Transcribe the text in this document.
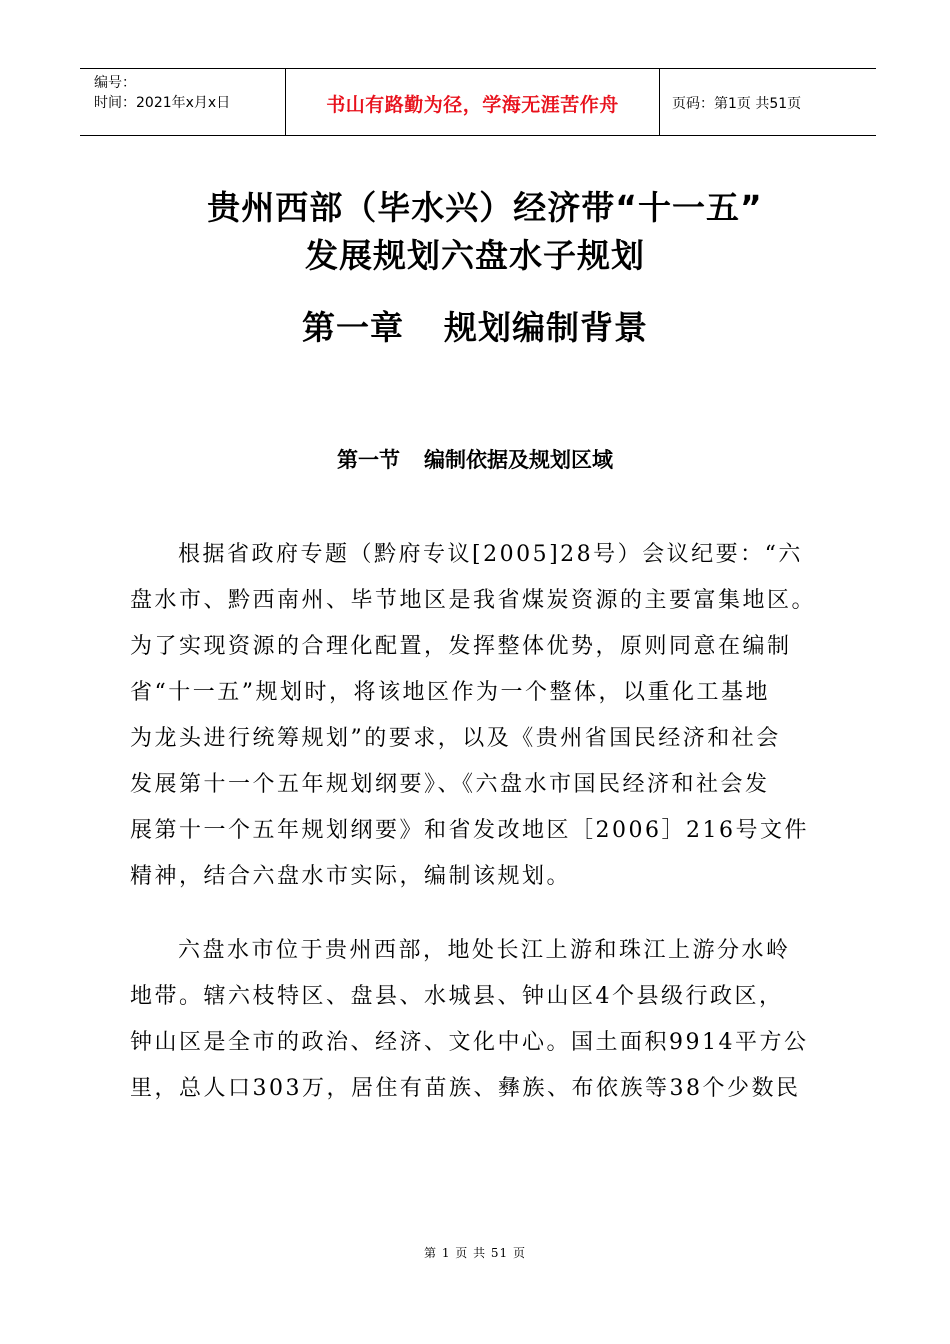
编号：
时间：2021年x月x日	书山有路勤为径，学海无涯苦作舟	页码：第1页 共51页
贵州西部（毕水兴）经济带“十一五”
发展规划六盘水子规划
第一章 规划编制背景
第一节 编制依据及规划区域
根据省政府专题（黔府专议[2005]28号）会议纪要：“六
盘水市、黔西南州、毕节地区是我省煤炭资源的主要富集地区。
为了实现资源的合理化配置，发挥整体优势，原则同意在编制
省“十一五”规划时，将该地区作为一个整体，以重化工基地
为龙头进行统筹规划”的要求，以及《贵州省国民经济和社会
发展第十一个五年规划纲要》、《六盘水市国民经济和社会发
展第十一个五年规划纲要》和省发改地区［2006］216号文件
精神，结合六盘水市实际，编制该规划。
六盘水市位于贵州西部，地处长江上游和珠江上游分水岭
地带。辖六枝特区、盘县、水城县、钟山区4个县级行政区，
钟山区是全市的政治、经济、文化中心。国土面积9914平方公
里，总人口303万，居住有苗族、彝族、布依族等38个少数民
第 1 页 共 51 页
